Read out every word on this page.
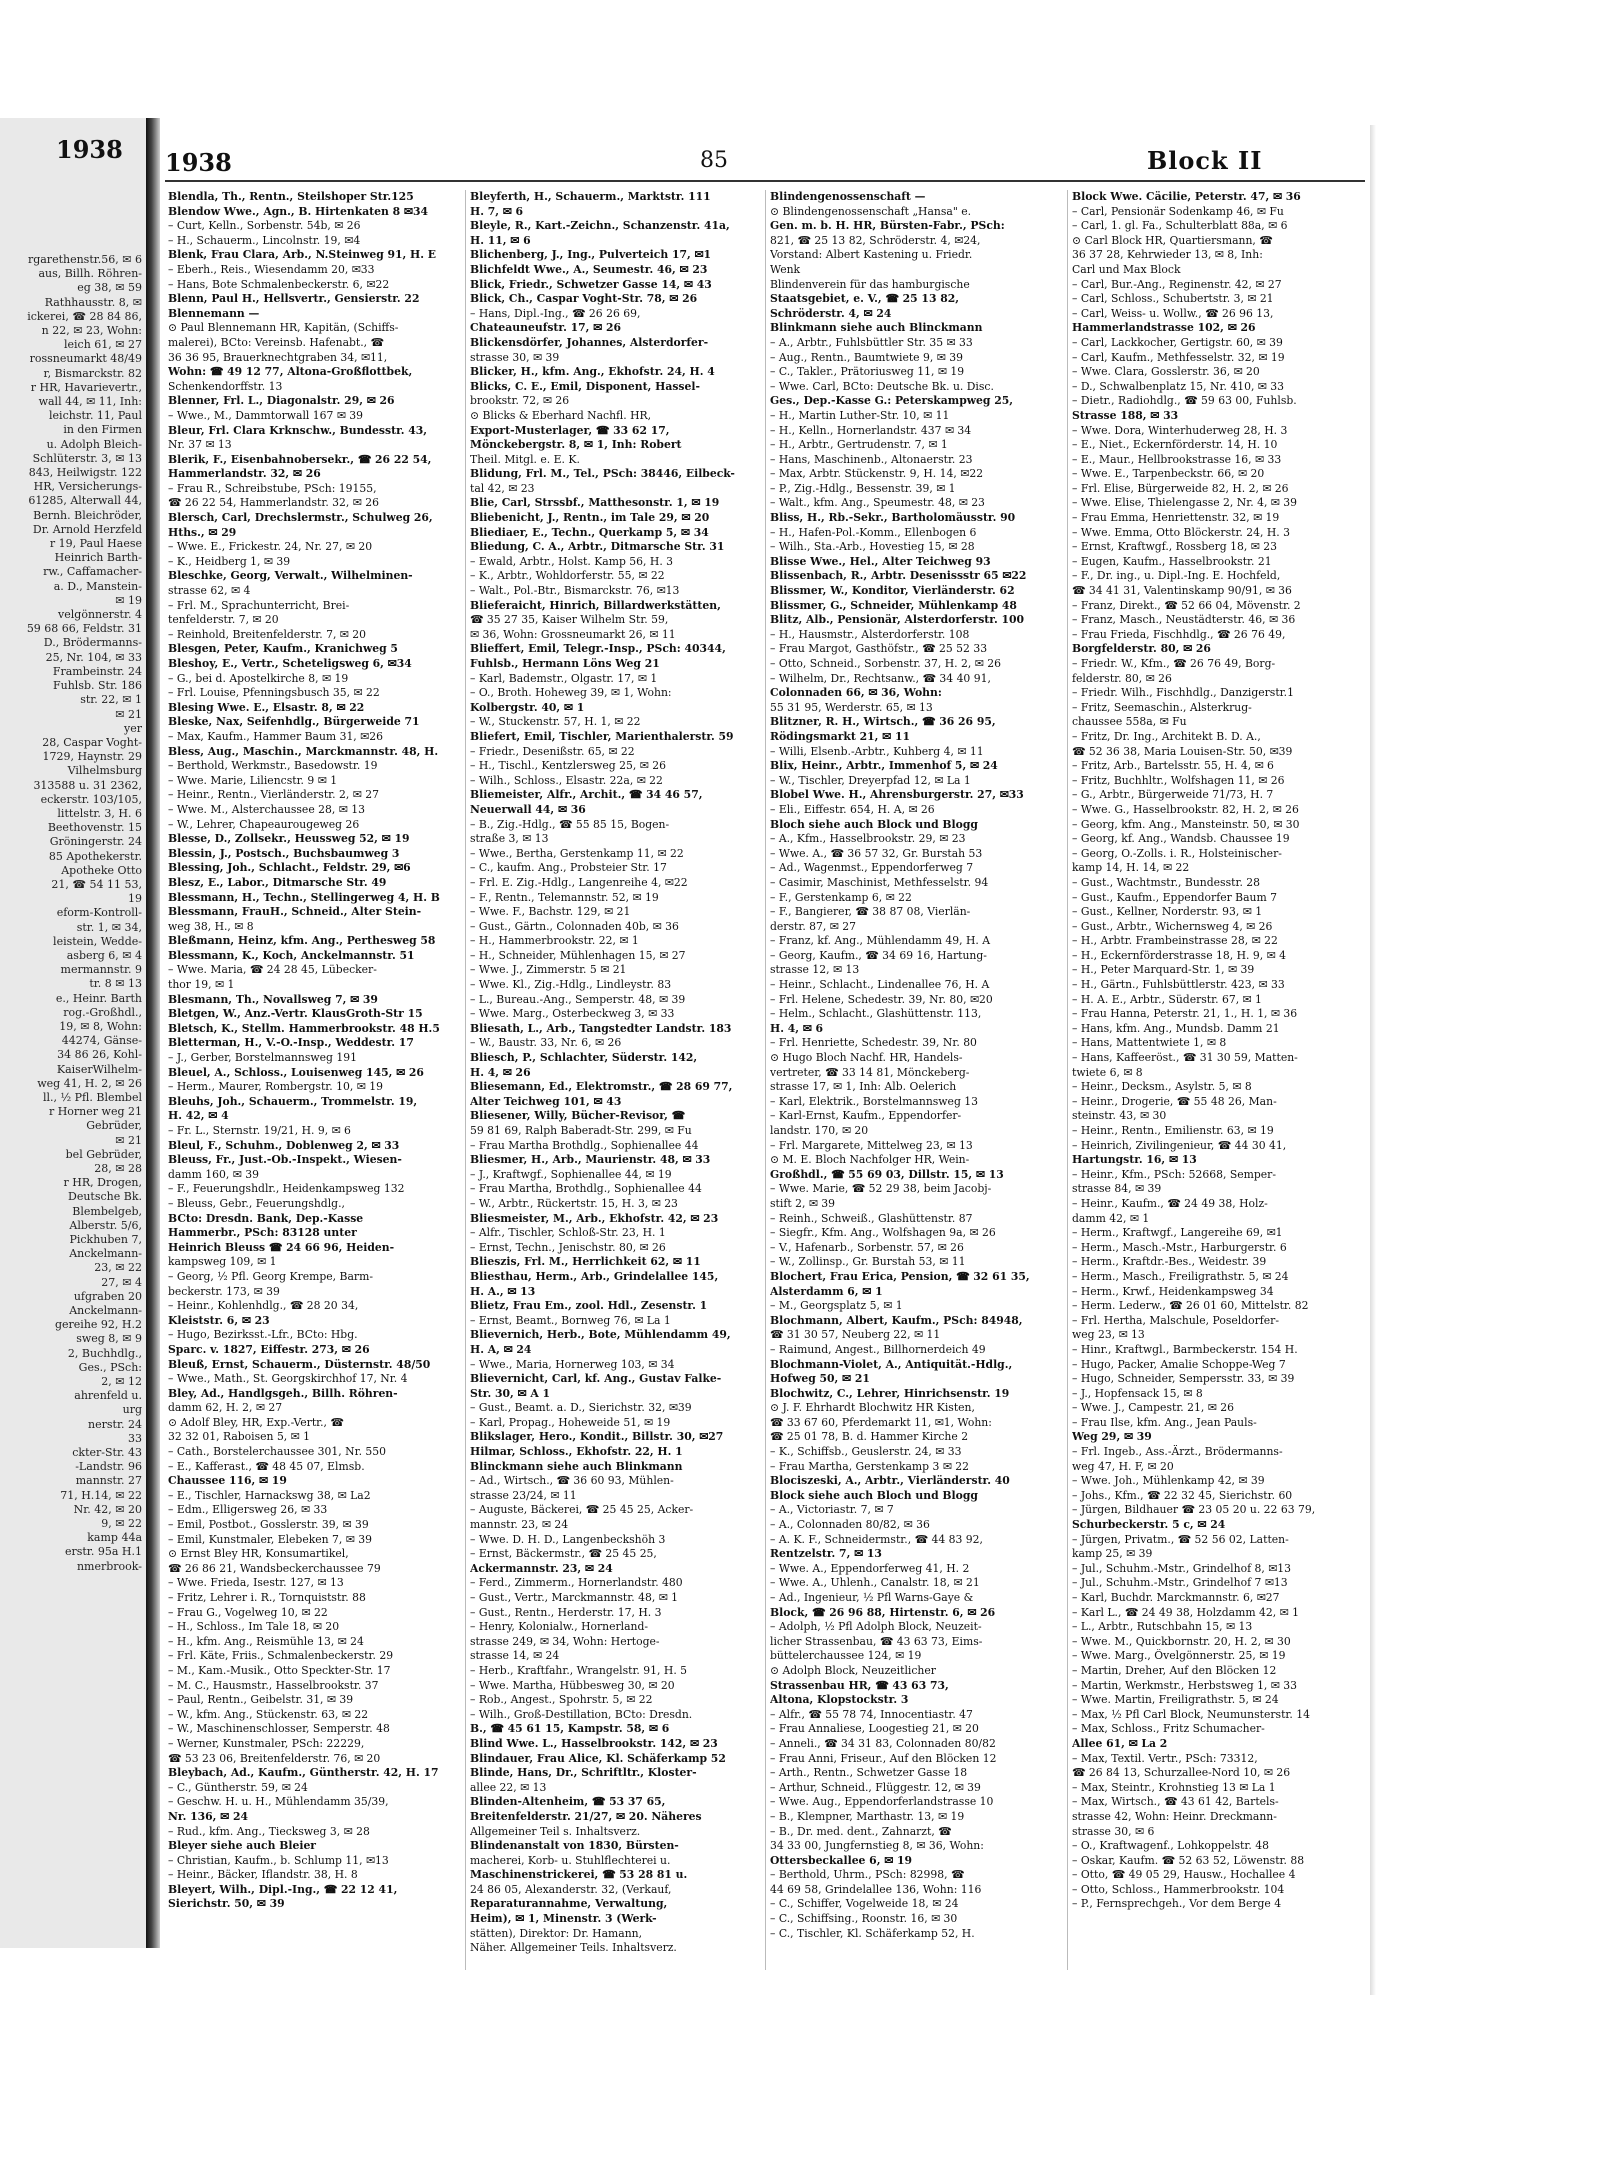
rgarethenstr.56, ✉ 6
aus, Billh. Röhren-
eg 38, ✉ 59
Rathhausstr. 8, ✉
ickerei, ☎ 28 84 86,
n 22, ✉ 23, Wohn:
leich 61, ✉ 27
rossneumarkt 48/49
r, Bismarckstr. 82
r HR, Havarievertr.,
wall 44, ✉ 11, Inh:
leichstr. 11, Paul
in den Firmen
u. Adolph Bleich-
Schlüterstr. 3, ✉ 13
843, Heilwigstr. 122
HR, Versicherungs-
61285, Alterwall 44,
Bernh. Bleichröder,
Dr. Arnold Herzfeld
r 19, Paul Haese
Heinrich Barth-
rw., Caffamacher-
a. D., Manstein-
✉ 19
velgönnerstr. 4
59 68 66, Feldstr. 31
D., Brödermanns-
25, Nr. 104, ✉ 33
Frambeinstr. 24
Fuhlsb. Str. 186
str. 22, ✉ 1
✉ 21
yer
28, Caspar Voght-
1729, Haynstr. 29
Vilhelmsburg
313588 u. 31 2362,
eckerstr. 103/105,
littelstr. 3, H. 6
Beethovenstr. 15
Gröningerstr. 24
85 Apothekerstr.
Apotheke Otto
21, ☎ 54 11 53,
19
eform-Kontroll-
str. 1, ✉ 34,
leistein, Wedde-
asberg 6, ✉ 4
mermannstr. 9
tr. 8 ✉ 13
e., Heinr. Barth
rog.-Großhdl.,
19, ✉ 8, Wohn:
44274, Gänse-
34 86 26, Kohl-
KaiserWilhelm-
weg 41, H. 2, ✉ 26
ll., ½ Pfl. Blembel
r Horner weg 21
Gebrüder,
✉ 21
bel Gebrüder,
28, ✉ 28
r HR, Drogen,
Deutsche Bk.
Blembelgeb,
Alberstr. 5/6,
Pickhuben 7,
Anckelmann-
23, ✉ 22
27, ✉ 4
ufgraben 20
Anckelmann-
gereihe 92, H.2
sweg 8, ✉ 9
2, Buchhdlg.,
Ges., PSch:
2, ✉ 12
ahrenfeld u.
urg
nerstr. 24
33
ckter-Str. 43
-Landstr. 96
mannstr. 27
71, H.14, ✉ 22
Nr. 42, ✉ 20
9, ✉ 22
kamp 44a
erstr. 95a H.1
nmerbrook-
1938 1938	85	Block II
Blendla, Th., Rentn., Steilshoper Str.125
Blendow Wwe., Agn., B. Hirtenkaten 8 ✉34
– Curt, Kelln., Sorbenstr. 54b, ✉ 26
– H., Schauerm., Lincolnstr. 19, ✉4
Blenk, Frau Clara, Arb., N.Steinweg 91, H. E
– Eberh., Reis., Wiesendamm 20, ✉33
– Hans, Bote Schmalenbeckerstr. 6, ✉22
Blenn, Paul H., Hellsvertr., Gensierstr. 22
Blennemann —
⊙ Paul Blennemann HR, Kapitän, (Schiffs-
malerei), BCto: Vereinsb. Hafenabt., ☎
36 36 95, Brauerknechtgraben 34, ✉11,
Wohn: ☎ 49 12 77, Altona-Großflottbek,
Schenkendorffstr. 13
Blenner, Frl. L., Diagonalstr. 29, ✉ 26
– Wwe., M., Dammtorwall 167 ✉ 39
Bleur, Frl. Clara Krknschw., Bundesstr. 43,
Nr. 37 ✉ 13
Blerik, F., Eisenbahnobersekr., ☎ 26 22 54,
Hammerlandstr. 32, ✉ 26
– Frau R., Schreibstube, PSch: 19155,
☎ 26 22 54, Hammerlandstr. 32, ✉ 26
Blersch, Carl, Drechslermstr., Schulweg 26,
Hths., ✉ 29
– Wwe. E., Frickestr. 24, Nr. 27, ✉ 20
– K., Heidberg 1, ✉ 39
Bleschke, Georg, Verwalt., Wilhelminen-
strasse 62, ✉ 4
– Frl. M., Sprachunterricht, Brei-
tenfelderstr. 7, ✉ 20
– Reinhold, Breitenfelderstr. 7, ✉ 20
Blesgen, Peter, Kaufm., Kranichweg 5
Bleshoy, E., Vertr., Scheteligsweg 6, ✉34
– G., bei d. Apostelkirche 8, ✉ 19
– Frl. Louise, Pfenningsbusch 35, ✉ 22
Blesing Wwe. E., Elsastr. 8, ✉ 22
Bleske, Nax, Seifenhdlg., Bürgerweide 71
– Max, Kaufm., Hammer Baum 31, ✉26
Bless, Aug., Maschin., Marckmannstr. 48, H.
– Berthold, Werkmstr., Basedowstr. 19
– Wwe. Marie, Liliencstr. 9 ✉ 1
– Heinr., Rentn., Vierländerstr. 2, ✉ 27
– Wwe. M., Alsterchaussee 28, ✉ 13
– W., Lehrer, Chapeaurougeweg 26
Blesse, D., Zollsekr., Heussweg 52, ✉ 19
Blessin, J., Postsch., Buchsbaumweg 3
Blessing, Joh., Schlacht., Feldstr. 29, ✉6
Blesz, E., Labor., Ditmarsche Str. 49
Blessmann, H., Techn., Stellingerweg 4, H. B
Blessmann, FrauH., Schneid., Alter Stein-
weg 38, H., ✉ 8
Bleßmann, Heinz, kfm. Ang., Perthesweg 58
Blessmann, K., Koch, Anckelmannstr. 51
– Wwe. Maria, ☎ 24 28 45, Lübecker-
thor 19, ✉ 1
Blesmann, Th., Novallsweg 7, ✉ 39
Bletgen, W., Anz.-Vertr. KlausGroth-Str 15
Bletsch, K., Stellm. Hammerbrookstr. 48 H.5
Bletterman, H., V.-O.-Insp., Weddestr. 17
– J., Gerber, Borstelmannsweg 191
Bleuel, A., Schloss., Louisenweg 145, ✉ 26
– Herm., Maurer, Rombergstr. 10, ✉ 19
Bleuhs, Joh., Schauerm., Trommelstr. 19,
H. 42, ✉ 4
– Fr. L., Sternstr. 19/21, H. 9, ✉ 6
Bleul, F., Schuhm., Doblenweg 2, ✉ 33
Bleuss, Fr., Just.-Ob.-Inspekt., Wiesen-
damm 160, ✉ 39
– F., Feuerungshdlr., Heidenkampsweg 132
– Bleuss, Gebr., Feuerungshdlg.,
BCto: Dresdn. Bank, Dep.-Kasse
Hammerbr., PSch: 83128 unter
Heinrich Bleuss ☎ 24 66 96, Heiden-
kampsweg 109, ✉ 1
– Georg, ½ Pfl. Georg Krempe, Barm-
beckerstr. 173, ✉ 39
– Heinr., Kohlenhdlg., ☎ 28 20 34,
Kleiststr. 6, ✉ 23
– Hugo, Bezirksst.-Lfr., BCto: Hbg.
Sparc. v. 1827, Eiffestr. 273, ✉ 26
Bleuß, Ernst, Schauerm., Düsternstr. 48/50
– Wwe., Math., St. Georgskirchhof 17, Nr. 4
Bley, Ad., Handlgsgeh., Billh. Röhren-
damm 62, H. 2, ✉ 27
⊙ Adolf Bley, HR, Exp.-Vertr., ☎
32 32 01, Raboisen 5, ✉ 1
– Cath., Borstelerchaussee 301, Nr. 550
– E., Kafferast., ☎ 48 45 07, Elmsb.
Chaussee 116, ✉ 19
– E., Tischler, Harnackswg 38, ✉ La2
– Edm., Elligersweg 26, ✉ 33
– Emil, Postbot., Gosslerstr. 39, ✉ 39
– Emil, Kunstmaler, Elebeken 7, ✉ 39
⊙ Ernst Bley HR, Konsumartikel,
☎ 26 86 21, Wandsbeckerchaussee 79
– Wwe. Frieda, Isestr. 127, ✉ 13
– Fritz, Lehrer i. R., Tornquiststr. 88
– Frau G., Vogelweg 10, ✉ 22
– H., Schloss., Im Tale 18, ✉ 20
– H., kfm. Ang., Reismühle 13, ✉ 24
– Frl. Käte, Friis., Schmalenbeckerstr. 29
– M., Kam.-Musik., Otto Speckter-Str. 17
– M. C., Hausmstr., Hasselbrookstr. 37
– Paul, Rentn., Geibelstr. 31, ✉ 39
– W., kfm. Ang., Stückenstr. 63, ✉ 22
– W., Maschinenschlosser, Semperstr. 48
– Werner, Kunstmaler, PSch: 22229,
☎ 53 23 06, Breitenfelderstr. 76, ✉ 20
Bleybach, Ad., Kaufm., Güntherstr. 42, H. 17
– C., Güntherstr. 59, ✉ 24
– Geschw. H. u. H., Mühlendamm 35/39,
Nr. 136, ✉ 24
– Rud., kfm. Ang., Tiecksweg 3, ✉ 28
Bleyer siehe auch Bleier
– Christian, Kaufm., b. Schlump 11, ✉13
– Heinr., Bäcker, Iflandstr. 38, H. 8
Bleyert, Wilh., Dipl.-Ing., ☎ 22 12 41,
Sierichstr. 50, ✉ 39
Bleyferth, H., Schauerm., Marktstr. 111
H. 7, ✉ 6
Bleyle, R., Kart.-Zeichn., Schanzenstr. 41a,
H. 11, ✉ 6
Blichenberg, J., Ing., Pulverteich 17, ✉1
Blichfeldt Wwe., A., Seumestr. 46, ✉ 23
Blick, Friedr., Schwetzer Gasse 14, ✉ 43
Blick, Ch., Caspar Voght-Str. 78, ✉ 26
– Hans, Dipl.-Ing., ☎ 26 26 69,
Chateauneufstr. 17, ✉ 26
Blickensdörfer, Johannes, Alsterdorfer-
strasse 30, ✉ 39
Blicker, H., kfm. Ang., Ekhofstr. 24, H. 4
Blicks, C. E., Emil, Disponent, Hassel-
brookstr. 72, ✉ 26
⊙ Blicks & Eberhard Nachfl. HR,
Export-Musterlager, ☎ 33 62 17,
Mönckebergstr. 8, ✉ 1, Inh: Robert
Theil. Mitgl. e. E. K.
Blidung, Frl. M., Tel., PSch: 38446, Eilbeck-
tal 42, ✉ 23
Blie, Carl, Strssbf., Matthesonstr. 1, ✉ 19
Bliebenicht, J., Rentn., im Tale 29, ✉ 20
Bliediaer, E., Techn., Querkamp 5, ✉ 34
Bliedung, C. A., Arbtr., Ditmarsche Str. 31
– Ewald, Arbtr., Holst. Kamp 56, H. 3
– K., Arbtr., Wohldorferstr. 55, ✉ 22
– Walt., Pol.-Btr., Bismarckstr. 76, ✉13
Blieferaicht, Hinrich, Billardwerkstätten,
☎ 35 27 35, Kaiser Wilhelm Str. 59,
✉ 36, Wohn: Grossneumarkt 26, ✉ 11
Blieffert, Emil, Telegr.-Insp., PSch: 40344,
Fuhlsb., Hermann Löns Weg 21
– Karl, Bademstr., Olgastr. 17, ✉ 1
– O., Broth. Hoheweg 39, ✉ 1, Wohn:
Kolbergstr. 40, ✉ 1
– W., Stuckenstr. 57, H. 1, ✉ 22
Bliefert, Emil, Tischler, Marienthalerstr. 59
– Friedr., Desenißstr. 65, ✉ 22
– H., Tischl., Kentzlersweg 25, ✉ 26
– Wilh., Schloss., Elsastr. 22a, ✉ 22
Bliemeister, Alfr., Archit., ☎ 34 46 57,
Neuerwall 44, ✉ 36
– B., Zig.-Hdlg., ☎ 55 85 15, Bogen-
straße 3, ✉ 13
– Wwe., Bertha, Gerstenkamp 11, ✉ 22
– C., kaufm. Ang., Probsteier Str. 17
– Frl. E. Zig.-Hdlg., Langenreihe 4, ✉22
– F., Rentn., Telemannstr. 52, ✉ 19
– Wwe. F., Bachstr. 129, ✉ 21
– Gust., Gärtn., Colonnaden 40b, ✉ 36
– H., Hammerbrookstr. 22, ✉ 1
– H., Schneider, Mühlenhagen 15, ✉ 27
– Wwe. J., Zimmerstr. 5 ✉ 21
– Wwe. Kl., Zig.-Hdlg., Lindleystr. 83
– L., Bureau.-Ang., Semperstr. 48, ✉ 39
– Wwe. Marg., Osterbeckweg 3, ✉ 33
Bliesath, L., Arb., Tangstedter Landstr. 183
– W., Baustr. 33, Nr. 6, ✉ 26
Bliesch, P., Schlachter, Süderstr. 142,
H. 4, ✉ 26
Bliesemann, Ed., Elektromstr., ☎ 28 69 77,
Alter Teichweg 101, ✉ 43
Bliesener, Willy, Bücher-Revisor, ☎
59 81 69, Ralph Baberadt-Str. 299, ✉ Fu
– Frau Martha Brothdlg., Sophienallee 44
Bliesmer, H., Arb., Maurienstr. 48, ✉ 33
– J., Kraftwgf., Sophienallee 44, ✉ 19
– Frau Martha, Brothdlg., Sophienallee 44
– W., Arbtr., Rückertstr. 15, H. 3, ✉ 23
Bliesmeister, M., Arb., Ekhofstr. 42, ✉ 23
– Alfr., Tischler, Schloß-Str. 23, H. 1
– Ernst, Techn., Jenischstr. 80, ✉ 26
Blieszis, Frl. M., Herrlichkeit 62, ✉ 11
Bliesthau, Herm., Arb., Grindelallee 145,
H. A., ✉ 13
Blietz, Frau Em., zool. Hdl., Zesenstr. 1
– Ernst, Beamt., Bornweg 76, ✉ La 1
Blievernich, Herb., Bote, Mühlendamm 49,
H. A, ✉ 24
– Wwe., Maria, Hornerweg 103, ✉ 34
Blievernicht, Carl, kf. Ang., Gustav Falke-
Str. 30, ✉ A 1
– Gust., Beamt. a. D., Sierichstr. 32, ✉39
– Karl, Propag., Hoheweide 51, ✉ 19
Blikslager, Hero., Kondit., Billstr. 30, ✉27
Hilmar, Schloss., Ekhofstr. 22, H. 1
Blinckmann siehe auch Blinkmann
– Ad., Wirtsch., ☎ 36 60 93, Mühlen-
strasse 23/24, ✉ 11
– Auguste, Bäckerei, ☎ 25 45 25, Acker-
mannstr. 23, ✉ 24
– Wwe. D. H. D., Langenbeckshöh 3
– Ernst, Bäckermstr., ☎ 25 45 25,
Ackermannstr. 23, ✉ 24
– Ferd., Zimmerm., Hornerlandstr. 480
– Gust., Vertr., Marckmannstr. 48, ✉ 1
– Gust., Rentn., Herderstr. 17, H. 3
– Henry, Kolonialw., Hornerland-
strasse 249, ✉ 34, Wohn: Hertoge-
strasse 14, ✉ 24
– Herb., Kraftfahr., Wrangelstr. 91, H. 5
– Wwe. Martha, Hübbesweg 30, ✉ 20
– Rob., Angest., Spohrstr. 5, ✉ 22
– Wilh., Groß-Destillation, BCto: Dresdn.
B., ☎ 45 61 15, Kampstr. 58, ✉ 6
Blind Wwe. L., Hasselbrookstr. 142, ✉ 23
Blindauer, Frau Alice, Kl. Schäferkamp 52
Blinde, Hans, Dr., Schriftltr., Kloster-
allee 22, ✉ 13
Blinden-Altenheim, ☎ 53 37 65,
Breitenfelderstr. 21/27, ✉ 20. Näheres
Allgemeiner Teil s. Inhaltsverz.
Blindenanstalt von 1830, Bürsten-
macherei, Korb- u. Stuhlflechterei u.
Maschinenstrickerei, ☎ 53 28 81 u.
24 86 05, Alexanderstr. 32, (Verkauf,
Reparaturannahme, Verwaltung,
Heim), ✉ 1, Minenstr. 3 (Werk-
stätten), Direktor: Dr. Hamann,
Näher. Allgemeiner Teils. Inhaltsverz.
Blindengenossenschaft —
⊙ Blindengenossenschaft „Hansa" e.
Gen. m. b. H. HR, Bürsten-Fabr., PSch:
821, ☎ 25 13 82, Schröderstr. 4, ✉24,
Vorstand: Albert Kastening u. Friedr.
Wenk
Blindenverein für das hamburgische
Staatsgebiet, e. V., ☎ 25 13 82,
Schröderstr. 4, ✉ 24
Blinkmann siehe auch Blinckmann
– A., Arbtr., Fuhlsbüttler Str. 35 ✉ 33
– Aug., Rentn., Baumtwiete 9, ✉ 39
– C., Takler., Prätoriusweg 11, ✉ 19
– Wwe. Carl, BCto: Deutsche Bk. u. Disc.
Ges., Dep.-Kasse G.: Peterskampweg 25,
– H., Martin Luther-Str. 10, ✉ 11
– H., Kelln., Hornerlandstr. 437 ✉ 34
– H., Arbtr., Gertrudenstr. 7, ✉ 1
– Hans, Maschinenb., Altonaerstr. 23
– Max, Arbtr. Stückenstr. 9, H. 14, ✉22
– P., Zig.-Hdlg., Bessenstr. 39, ✉ 1
– Walt., kfm. Ang., Speumestr. 48, ✉ 23
Bliss, H., Rb.-Sekr., Bartholomäusstr. 90
– H., Hafen-Pol.-Komm., Ellenbogen 6
– Wilh., Sta.-Arb., Hovestieg 15, ✉ 28
Blisse Wwe., Hel., Alter Teichweg 93
Blissenbach, R., Arbtr. Desenissstr 65 ✉22
Blissmer, W., Konditor, Vierländerstr. 62
Blissmer, G., Schneider, Mühlenkamp 48
Blitz, Alb., Pensionär, Alsterdorferstr. 100
– H., Hausmstr., Alsterdorferstr. 108
– Frau Margot, Gasthöfstr., ☎ 25 52 33
– Otto, Schneid., Sorbenstr. 37, H. 2, ✉ 26
– Wilhelm, Dr., Rechtsanw., ☎ 34 40 91,
Colonnaden 66, ✉ 36, Wohn:
55 31 95, Werderstr. 65, ✉ 13
Blitzner, R. H., Wirtsch., ☎ 36 26 95,
Rödingsmarkt 21, ✉ 11
– Willi, Elsenb.-Arbtr., Kuhberg 4, ✉ 11
Blix, Heinr., Arbtr., Immenhof 5, ✉ 24
– W., Tischler, Dreyerpfad 12, ✉ La 1
Blobel Wwe. H., Ahrensburgerstr. 27, ✉33
– Eli., Eiffestr. 654, H. A, ✉ 26
Bloch siehe auch Block und Blogg
– A., Kfm., Hasselbrookstr. 29, ✉ 23
– Wwe. A., ☎ 36 57 32, Gr. Burstah 53
– Ad., Wagenmst., Eppendorferweg 7
– Casimir, Maschinist, Methfesselstr. 94
– F., Gerstenkamp 6, ✉ 22
– F., Bangierer, ☎ 38 87 08, Vierlän-
derstr. 87, ✉ 27
– Franz, kf. Ang., Mühlendamm 49, H. A
– Georg, Kaufm., ☎ 34 69 16, Hartung-
strasse 12, ✉ 13
– Heinr., Schlacht., Lindenallee 76, H. A
– Frl. Helene, Schedestr. 39, Nr. 80, ✉20
– Helm., Schlacht., Glashüttenstr. 113,
H. 4, ✉ 6
– Frl. Henriette, Schedestr. 39, Nr. 80
⊙ Hugo Bloch Nachf. HR, Handels-
vertreter, ☎ 33 14 81, Mönckeberg-
strasse 17, ✉ 1, Inh: Alb. Oelerich
– Karl, Elektrik., Borstelmannsweg 13
– Karl-Ernst, Kaufm., Eppendorfer-
landstr. 170, ✉ 20
– Frl. Margarete, Mittelweg 23, ✉ 13
⊙ M. E. Bloch Nachfolger HR, Wein-
Großhdl., ☎ 55 69 03, Dillstr. 15, ✉ 13
– Wwe. Marie, ☎ 52 29 38, beim Jacobj-
stift 2, ✉ 39
– Reinh., Schweiß., Glashüttenstr. 87
– Siegfr., Kfm. Ang., Wolfshagen 9a, ✉ 26
– V., Hafenarb., Sorbenstr. 57, ✉ 26
– W., Zollinsp., Gr. Burstah 53, ✉ 11
Blochert, Frau Erica, Pension, ☎ 32 61 35,
Alsterdamm 6, ✉ 1
– M., Georgsplatz 5, ✉ 1
Blochmann, Albert, Kaufm., PSch: 84948,
☎ 31 30 57, Neuberg 22, ✉ 11
– Raimund, Angest., Billhornerdeich 49
Blochmann-Violet, A., Antiquität.-Hdlg.,
Hofweg 50, ✉ 21
Blochwitz, C., Lehrer, Hinrichsenstr. 19
⊙ J. F. Ehrhardt Blochwitz HR Kisten,
☎ 33 67 60, Pferdemarkt 11, ✉1, Wohn:
☎ 25 01 78, B. d. Hammer Kirche 2
– K., Schiffsb., Geuslerstr. 24, ✉ 33
– Frau Martha, Gerstenkamp 3 ✉ 22
Blociszeski, A., Arbtr., Vierländerstr. 40
Block siehe auch Bloch und Blogg
– A., Victoriastr. 7, ✉ 7
– A., Colonnaden 80/82, ✉ 36
– A. K. F., Schneidermstr., ☎ 44 83 92,
Rentzelstr. 7, ✉ 13
– Wwe. A., Eppendorferweg 41, H. 2
– Wwe. A., Uhlenh., Canalstr. 18, ✉ 21
– Ad., Ingenieur, ½ Pfl Warns-Gaye &
Block, ☎ 26 96 88, Hirtenstr. 6, ✉ 26
– Adolph, ½ Pfl Adolph Block, Neuzeit-
licher Strassenbau, ☎ 43 63 73, Eims-
büttelerchaussee 124, ✉ 19
⊙ Adolph Block, Neuzeitlicher
Strassenbau HR, ☎ 43 63 73,
Altona, Klopstockstr. 3
– Alfr., ☎ 55 78 74, Innocentiastr. 47
– Frau Annaliese, Loogestieg 21, ✉ 20
– Anneli., ☎ 34 31 83, Colonnaden 80/82
– Frau Anni, Friseur., Auf den Blöcken 12
– Arth., Rentn., Schwetzer Gasse 18
– Arthur, Schneid., Flüggestr. 12, ✉ 39
– Wwe. Aug., Eppendorferlandstrasse 10
– B., Klempner, Marthastr. 13, ✉ 19
– B., Dr. med. dent., Zahnarzt, ☎
34 33 00, Jungfernstieg 8, ✉ 36, Wohn:
Ottersbeckallee 6, ✉ 19
– Berthold, Uhrm., PSch: 82998, ☎
44 69 58, Grindelallee 136, Wohn: 116
– C., Schiffer, Vogelweide 18, ✉ 24
– C., Schiffsing., Roonstr. 16, ✉ 30
– C., Tischler, Kl. Schäferkamp 52, H.
Block Wwe. Cäcilie, Peterstr. 47, ✉ 36
– Carl, Pensionär Sodenkamp 46, ✉ Fu
– Carl, 1. gl. Fa., Schulterblatt 88a, ✉ 6
⊙ Carl Block HR, Quartiersmann, ☎
36 37 28, Kehrwieder 13, ✉ 8, Inh:
Carl und Max Block
– Carl, Bur.-Ang., Reginenstr. 42, ✉ 27
– Carl, Schloss., Schubertstr. 3, ✉ 21
– Carl, Weiss- u. Wollw., ☎ 26 96 13,
Hammerlandstrasse 102, ✉ 26
– Carl, Lackkocher, Gertigstr. 60, ✉ 39
– Carl, Kaufm., Methfesselstr. 32, ✉ 19
– Wwe. Clara, Gosslerstr. 36, ✉ 20
– D., Schwalbenplatz 15, Nr. 410, ✉ 33
– Dietr., Radiohdlg., ☎ 59 63 00, Fuhlsb.
Strasse 188, ✉ 33
– Wwe. Dora, Winterhuderweg 28, H. 3
– E., Niet., Eckernförderstr. 14, H. 10
– E., Maur., Hellbrookstrasse 16, ✉ 33
– Wwe. E., Tarpenbeckstr. 66, ✉ 20
– Frl. Elise, Bürgerweide 82, H. 2, ✉ 26
– Wwe. Elise, Thielengasse 2, Nr. 4, ✉ 39
– Frau Emma, Henriettenstr. 32, ✉ 19
– Wwe. Emma, Otto Blöckerstr. 24, H. 3
– Ernst, Kraftwgf., Rossberg 18, ✉ 23
– Eugen, Kaufm., Hasselbrookstr. 21
– F., Dr. ing., u. Dipl.-Ing. E. Hochfeld,
☎ 34 41 31, Valentinskamp 90/91, ✉ 36
– Franz, Direkt., ☎ 52 66 04, Mövenstr. 2
– Franz, Masch., Neustädterstr. 46, ✉ 36
– Frau Frieda, Fischhdlg., ☎ 26 76 49,
Borgfelderstr. 80, ✉ 26
– Friedr. W., Kfm., ☎ 26 76 49, Borg-
felderstr. 80, ✉ 26
– Friedr. Wilh., Fischhdlg., Danzigerstr.1
– Fritz, Seemaschin., Alsterkrug-
chaussee 558a, ✉ Fu
– Fritz, Dr. Ing., Architekt B. D. A.,
☎ 52 36 38, Maria Louisen-Str. 50, ✉39
– Fritz, Arb., Bartelsstr. 55, H. 4, ✉ 6
– Fritz, Buchhltr., Wolfshagen 11, ✉ 26
– G., Arbtr., Bürgerweide 71/73, H. 7
– Wwe. G., Hasselbrookstr. 82, H. 2, ✉ 26
– Georg, kfm. Ang., Mansteinstr. 50, ✉ 30
– Georg, kf. Ang., Wandsb. Chaussee 19
– Georg, O.-Zolls. i. R., Holsteinischer-
kamp 14, H. 14, ✉ 22
– Gust., Wachtmstr., Bundesstr. 28
– Gust., Kaufm., Eppendorfer Baum 7
– Gust., Kellner, Norderstr. 93, ✉ 1
– Gust., Arbtr., Wichernsweg 4, ✉ 26
– H., Arbtr. Frambeinstrasse 28, ✉ 22
– H., Eckernförderstrasse 18, H. 9, ✉ 4
– H., Peter Marquard-Str. 1, ✉ 39
– H., Gärtn., Fuhlsbüttlerstr. 423, ✉ 33
– H. A. E., Arbtr., Süderstr. 67, ✉ 1
– Frau Hanna, Peterstr. 21, 1., H. 1, ✉ 36
– Hans, kfm. Ang., Mundsb. Damm 21
– Hans, Mattentwiete 1, ✉ 8
– Hans, Kaffeeröst., ☎ 31 30 59, Matten-
twiete 6, ✉ 8
– Heinr., Decksm., Asylstr. 5, ✉ 8
– Heinr., Drogerie, ☎ 55 48 26, Man-
steinstr. 43, ✉ 30
– Heinr., Rentn., Emilienstr. 63, ✉ 19
– Heinrich, Zivilingenieur, ☎ 44 30 41,
Hartungstr. 16, ✉ 13
– Heinr., Kfm., PSch: 52668, Semper-
strasse 84, ✉ 39
– Heinr., Kaufm., ☎ 24 49 38, Holz-
damm 42, ✉ 1
– Herm., Kraftwgf., Langereihe 69, ✉1
– Herm., Masch.-Mstr., Harburgerstr. 6
– Herm., Kraftdr.-Bes., Weidestr. 39
– Herm., Masch., Freiligrathstr. 5, ✉ 24
– Herm., Krwf., Heidenkampsweg 34
– Herm. Lederw., ☎ 26 01 60, Mittelstr. 82
– Frl. Hertha, Malschule, Poseldorfer-
weg 23, ✉ 13
– Hinr., Kraftwgl., Barmbeckerstr. 154 H.
– Hugo, Packer, Amalie Schoppe-Weg 7
– Hugo, Schneider, Sempersstr. 33, ✉ 39
– J., Hopfensack 15, ✉ 8
– Wwe. J., Campestr. 21, ✉ 26
– Frau Ilse, kfm. Ang., Jean Pauls-
Weg 29, ✉ 39
– Frl. Ingeb., Ass.-Ärzt., Brödermanns-
weg 47, H. F, ✉ 20
– Wwe. Joh., Mühlenkamp 42, ✉ 39
– Johs., Kfm., ☎ 22 32 45, Sierichstr. 60
– Jürgen, Bildhauer ☎ 23 05 20 u. 22 63 79,
Schurbeckerstr. 5 c, ✉ 24
– Jürgen, Privatm., ☎ 52 56 02, Latten-
kamp 25, ✉ 39
– Jul., Schuhm.-Mstr., Grindelhof 8, ✉13
– Jul., Schuhm.-Mstr., Grindelhof 7 ✉13
– Karl, Buchdr. Marckmannstr. 6, ✉27
– Karl L., ☎ 24 49 38, Holzdamm 42, ✉ 1
– L., Arbtr., Rutschbahn 15, ✉ 13
– Wwe. M., Quickbornstr. 20, H. 2, ✉ 30
– Wwe. Marg., Övelgönnerstr. 25, ✉ 19
– Martin, Dreher, Auf den Blöcken 12
– Martin, Werkmstr., Herbstsweg 1, ✉ 33
– Wwe. Martin, Freiligrathstr. 5, ✉ 24
– Max, ½ Pfl Carl Block, Neumunsterstr. 14
– Max, Schloss., Fritz Schumacher-
Allee 61, ✉ La 2
– Max, Textil. Vertr., PSch: 73312,
☎ 26 84 13, Schurzallee-Nord 10, ✉ 26
– Max, Steintr., Krohnstieg 13 ✉ La 1
– Max, Wirtsch., ☎ 43 61 42, Bartels-
strasse 42, Wohn: Heinr. Dreckmann-
strasse 30, ✉ 6
– O., Kraftwagenf., Lohkoppelstr. 48
– Oskar, Kaufm. ☎ 52 63 52, Löwenstr. 88
– Otto, ☎ 49 05 29, Hausw., Hochallee 4
– Otto, Schloss., Hammerbrookstr. 104
– P., Fernsprechgeh., Vor dem Berge 4
